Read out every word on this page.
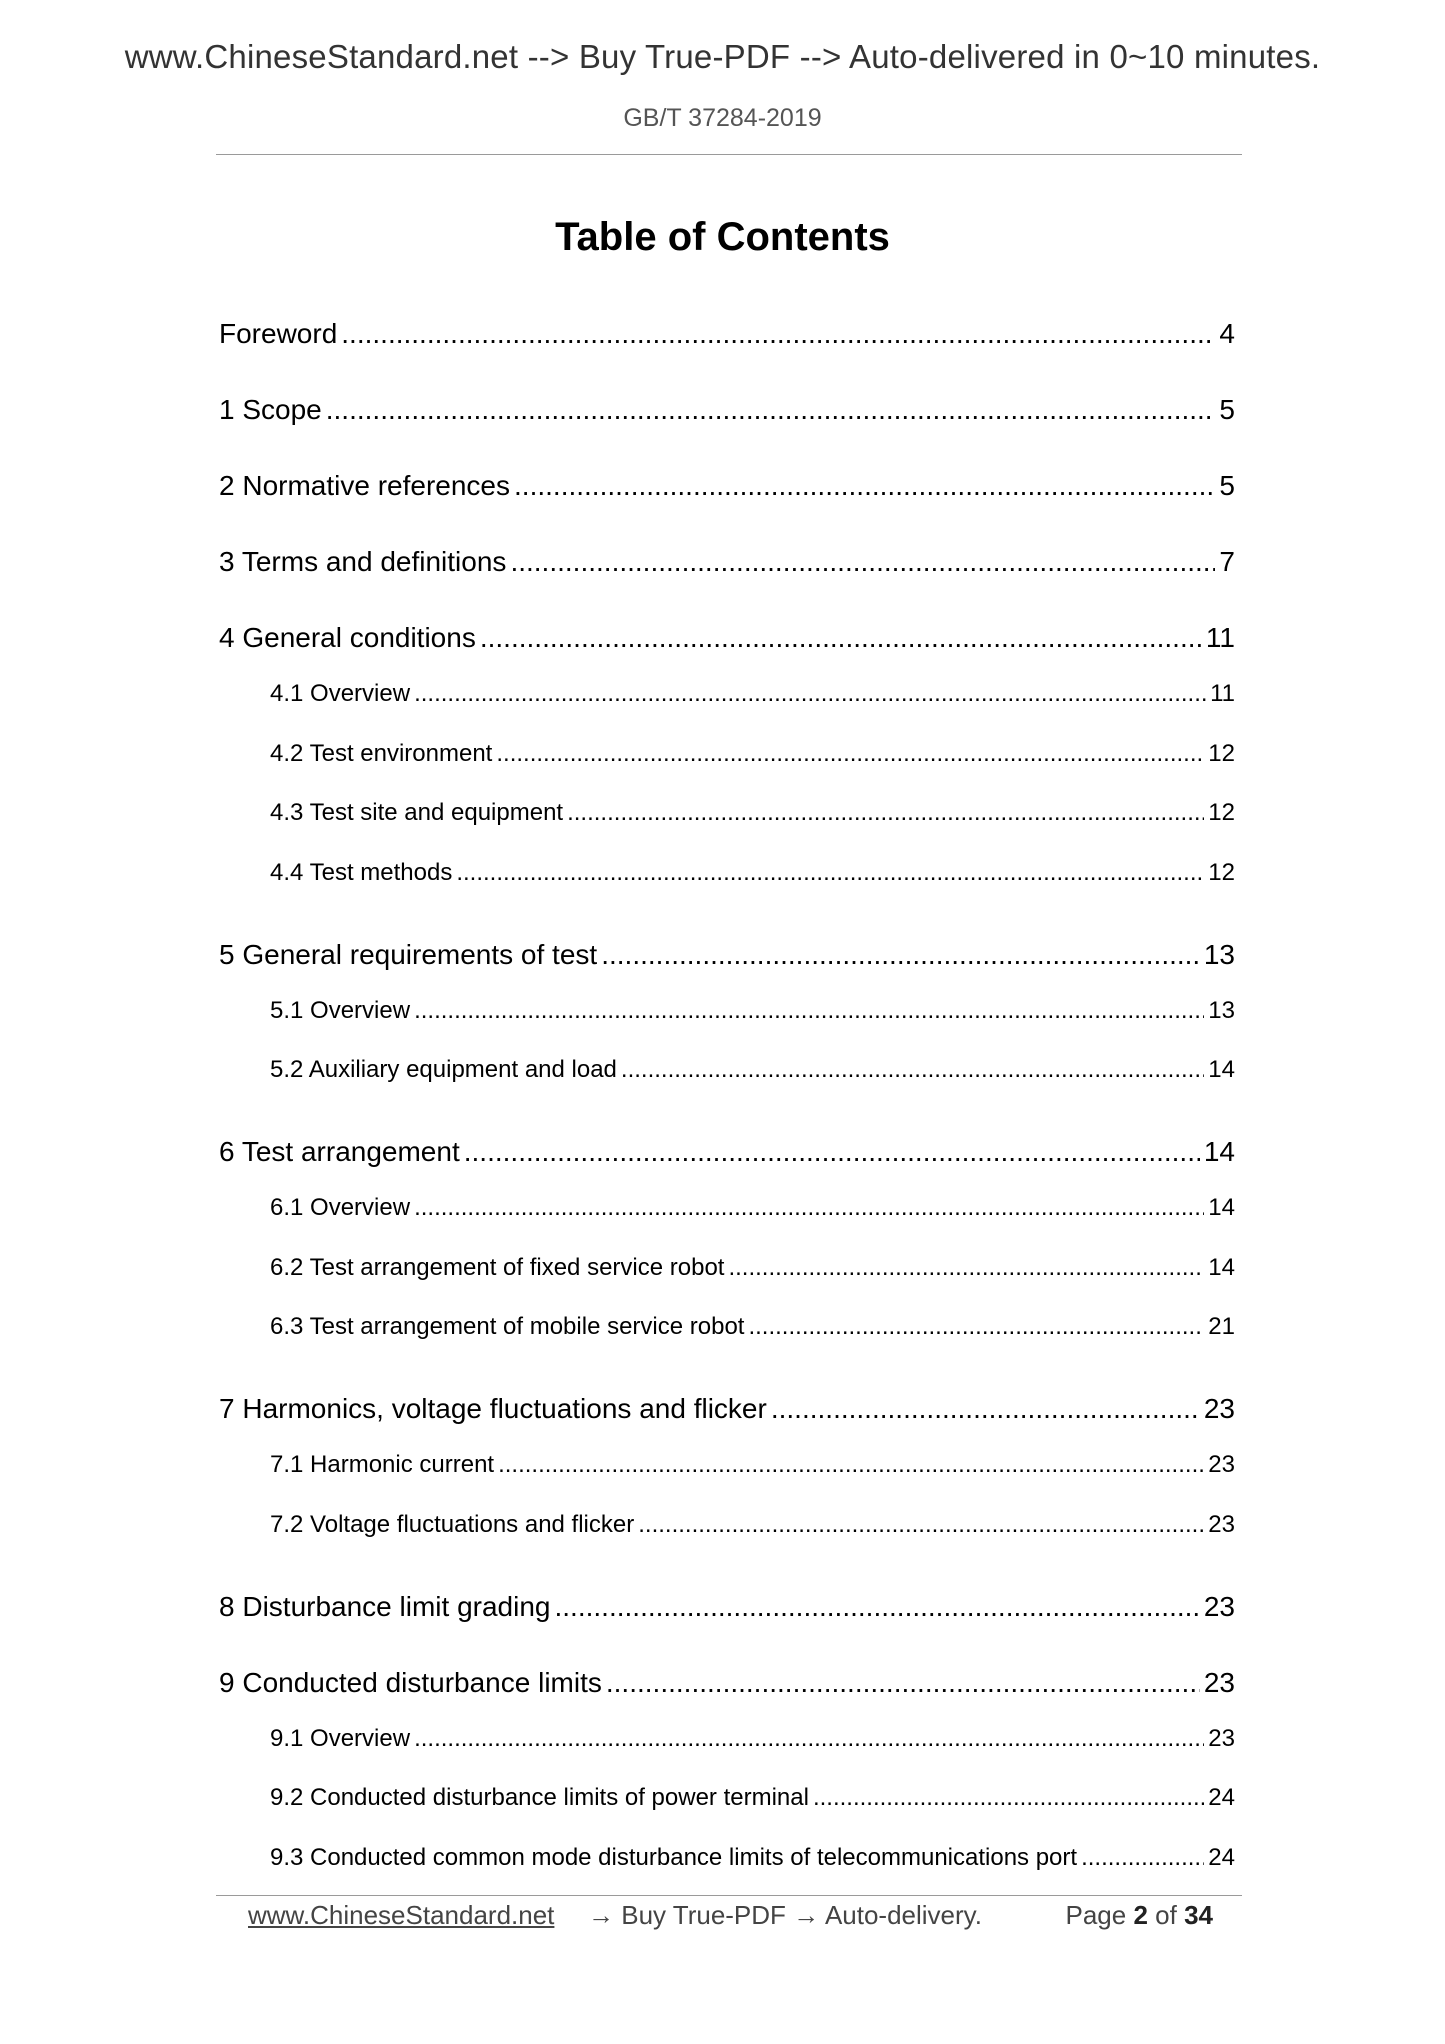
www.ChineseStandard.net --> Buy True-PDF --> Auto-delivered in 0~10 minutes.
GB/T 37284-2019
Table of Contents
Foreword .....	4
1 Scope .....	5
2 Normative references .....	5
3 Terms and definitions .....	7
4 General conditions .....	11
4.1 Overview .....	11
4.2 Test environment .....	12
4.3 Test site and equipment .....	12
4.4 Test methods .....	12
5 General requirements of test .....	13
5.1 Overview .....	13
5.2 Auxiliary equipment and load .....	14
6 Test arrangement .....	14
6.1 Overview .....	14
6.2 Test arrangement of fixed service robot .....	14
6.3 Test arrangement of mobile service robot .....	21
7 Harmonics, voltage fluctuations and flicker .....	23
7.1 Harmonic current .....	23
7.2 Voltage fluctuations and flicker .....	23
8 Disturbance limit grading .....	23
9 Conducted disturbance limits .....	23
9.1 Overview .....	23
9.2 Conducted disturbance limits of power terminal .....	24
9.3 Conducted common mode disturbance limits of telecommunications port .....	24
www.ChineseStandard.net → Buy True-PDF → Auto-delivery.	Page 2 of 34
